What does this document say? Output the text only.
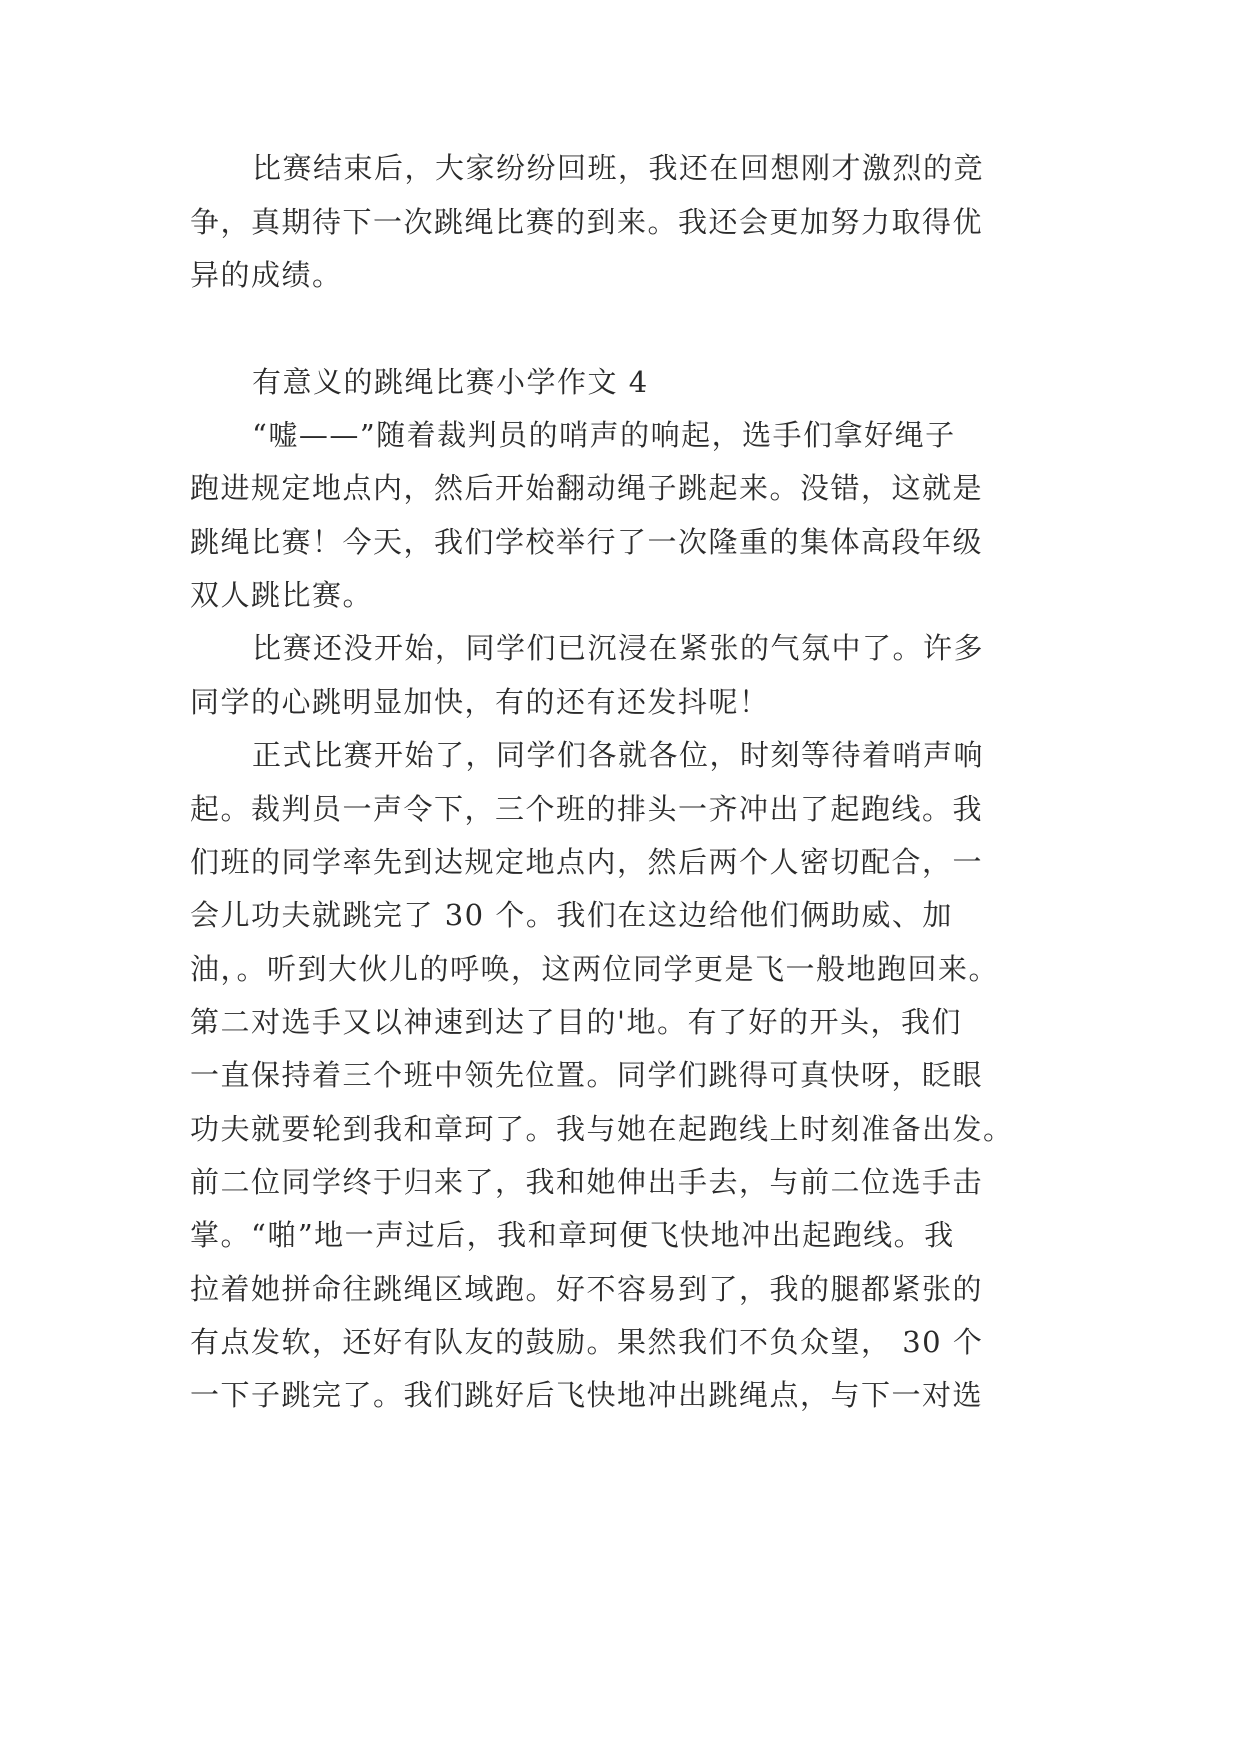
比赛结束后，大家纷纷回班，我还在回想刚才激烈的竞
争，真期待下一次跳绳比赛的到来。我还会更加努力取得优
异的成绩。
有意义的跳绳比赛小学作文 4
“嘘——”随着裁判员的哨声的响起，选手们拿好绳子
跑进规定地点内，然后开始翻动绳子跳起来。没错，这就是
跳绳比赛！今天，我们学校举行了一次隆重的集体高段年级
双人跳比赛。
比赛还没开始，同学们已沉浸在紧张的气氛中了。许多
同学的心跳明显加快，有的还有还发抖呢！
正式比赛开始了，同学们各就各位，时刻等待着哨声响
起。裁判员一声令下，三个班的排头一齐冲出了起跑线。我
们班的同学率先到达规定地点内，然后两个人密切配合，一
会儿功夫就跳完了 30 个。我们在这边给他们俩助威、加
油，。听到大伙儿的呼唤，这两位同学更是飞一般地跑回来。
第二对选手又以神速到达了目的'地。有了好的开头，我们
一直保持着三个班中领先位置。同学们跳得可真快呀，眨眼
功夫就要轮到我和章珂了。我与她在起跑线上时刻准备出发。
前二位同学终于归来了，我和她伸出手去，与前二位选手击
掌。“啪”地一声过后，我和章珂便飞快地冲出起跑线。我
拉着她拼命往跳绳区域跑。好不容易到了，我的腿都紧张的
有点发软，还好有队友的鼓励。果然我们不负众望， 30 个
一下子跳完了。我们跳好后飞快地冲出跳绳点，与下一对选
